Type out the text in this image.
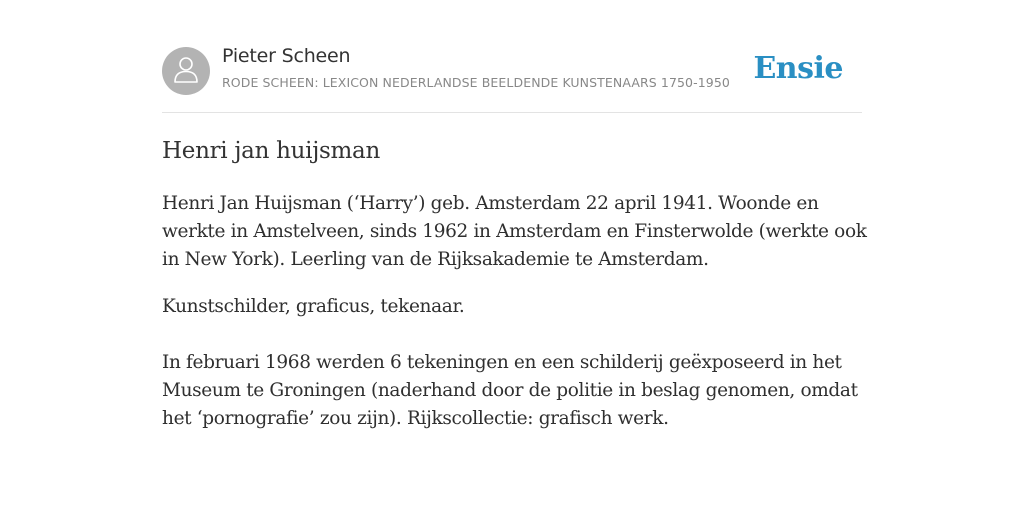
Pieter Scheen
RODE SCHEEN: LEXICON NEDERLANDSE BEELDENDE KUNSTENAARS 1750-1950 Ensie
Henri jan huijsman

Henri Jan Huijsman (‘Harry’) geb. Amsterdam 22 april 1941. Woonde en werkte in Amstelveen, sinds 1962 in Amsterdam en Finsterwolde (werkte ook in New York). Leerling van de Rijksakademie te Amsterdam.

Kunstschilder, graficus, tekenaar.

In februari 1968 werden 6 tekeningen en een schilderij geëxposeerd in het Museum te Groningen (naderhand door de politie in beslag genomen, omdat het ‘pornografie’ zou zijn). Rijkscollectie: grafisch werk.
